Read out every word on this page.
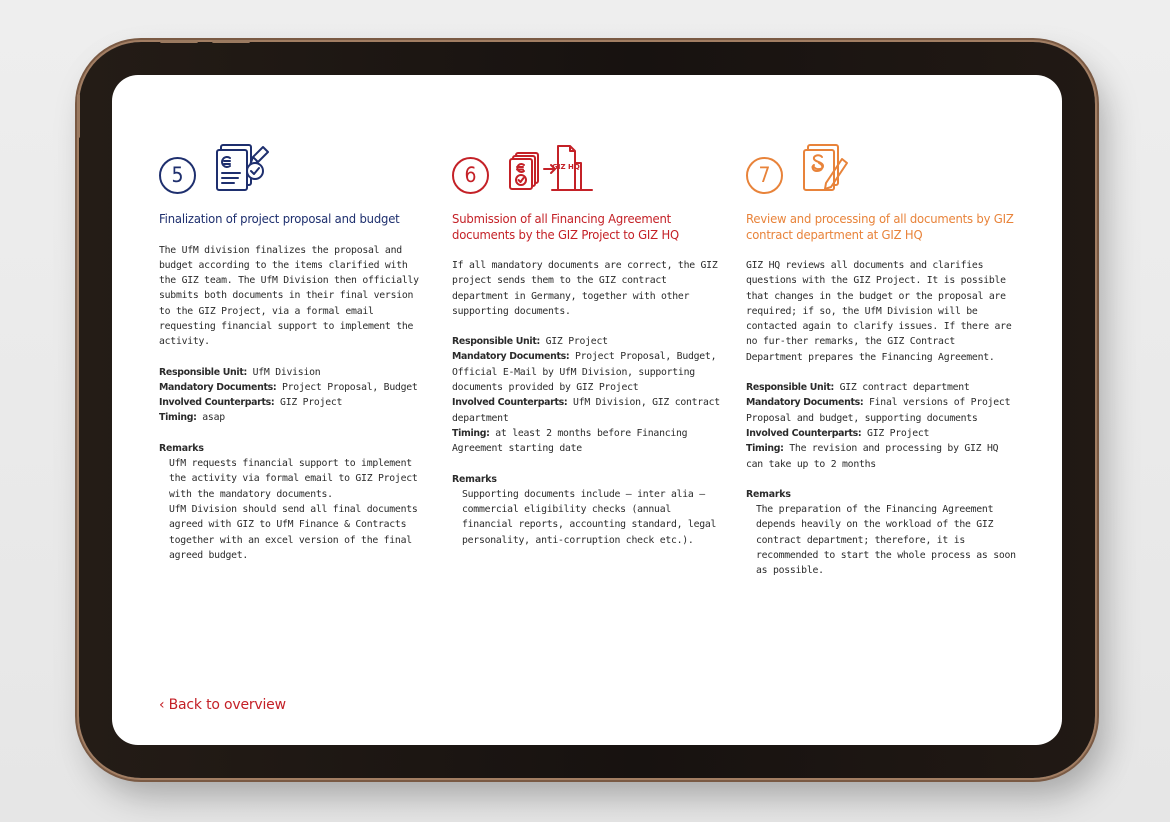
5
Finalization of project proposal and budget

The UfM division finalizes the proposal and budget according to the items clarified with the GIZ team. The UfM Division then officially submits both documents in their final version to the GIZ Project, via a formal email requesting financial support to implement the activity.

Responsible Unit: UfM Division
Mandatory Documents: Project Proposal, Budget
Involved Counterparts: GIZ Project
Timing: asap
Remarks

UfM requests financial support to implement the activity via formal email to GIZ Project with the mandatory documents.

UfM Division should send all final documents agreed with GIZ to UfM Finance & Contracts together with an excel version of the final agreed budget.

6	GIZ HQ
Submission of all Financing Agreement documents by the GIZ Project to GIZ HQ

If all mandatory documents are correct, the GIZ project sends them to the GIZ contract department in Germany, together with other supporting documents.

Responsible Unit: GIZ Project
Mandatory Documents: Project Proposal, Budget, Official E-Mail by UfM Division, supporting documents provided by GIZ Project
Involved Counterparts: UfM Division, GIZ contract department
Timing: at least 2 months before Financing Agreement starting date
Remarks

Supporting documents include – inter alia – commercial eligibility checks (annual financial reports, accounting standard, legal personality, anti-corruption check etc.).

7
Review and processing of all documents by GIZ contract department at GIZ HQ

GIZ HQ reviews all documents and clarifies questions with the GIZ Project. It is possible that changes in the budget or the proposal are required; if so, the UfM Division will be contacted again to clarify issues. If there are no fur-ther remarks, the GIZ Contract Department prepares the Financing Agreement.

Responsible Unit: GIZ contract department
Mandatory Documents: Final versions of Project Proposal and budget, supporting documents
Involved Counterparts: GIZ Project
Timing: The revision and processing by GIZ HQ can take up to 2 months
Remarks

The preparation of the Financing Agreement depends heavily on the workload of the GIZ contract department; therefore, it is recommended to start the whole process as soon as possible.

‹ Back to overview
